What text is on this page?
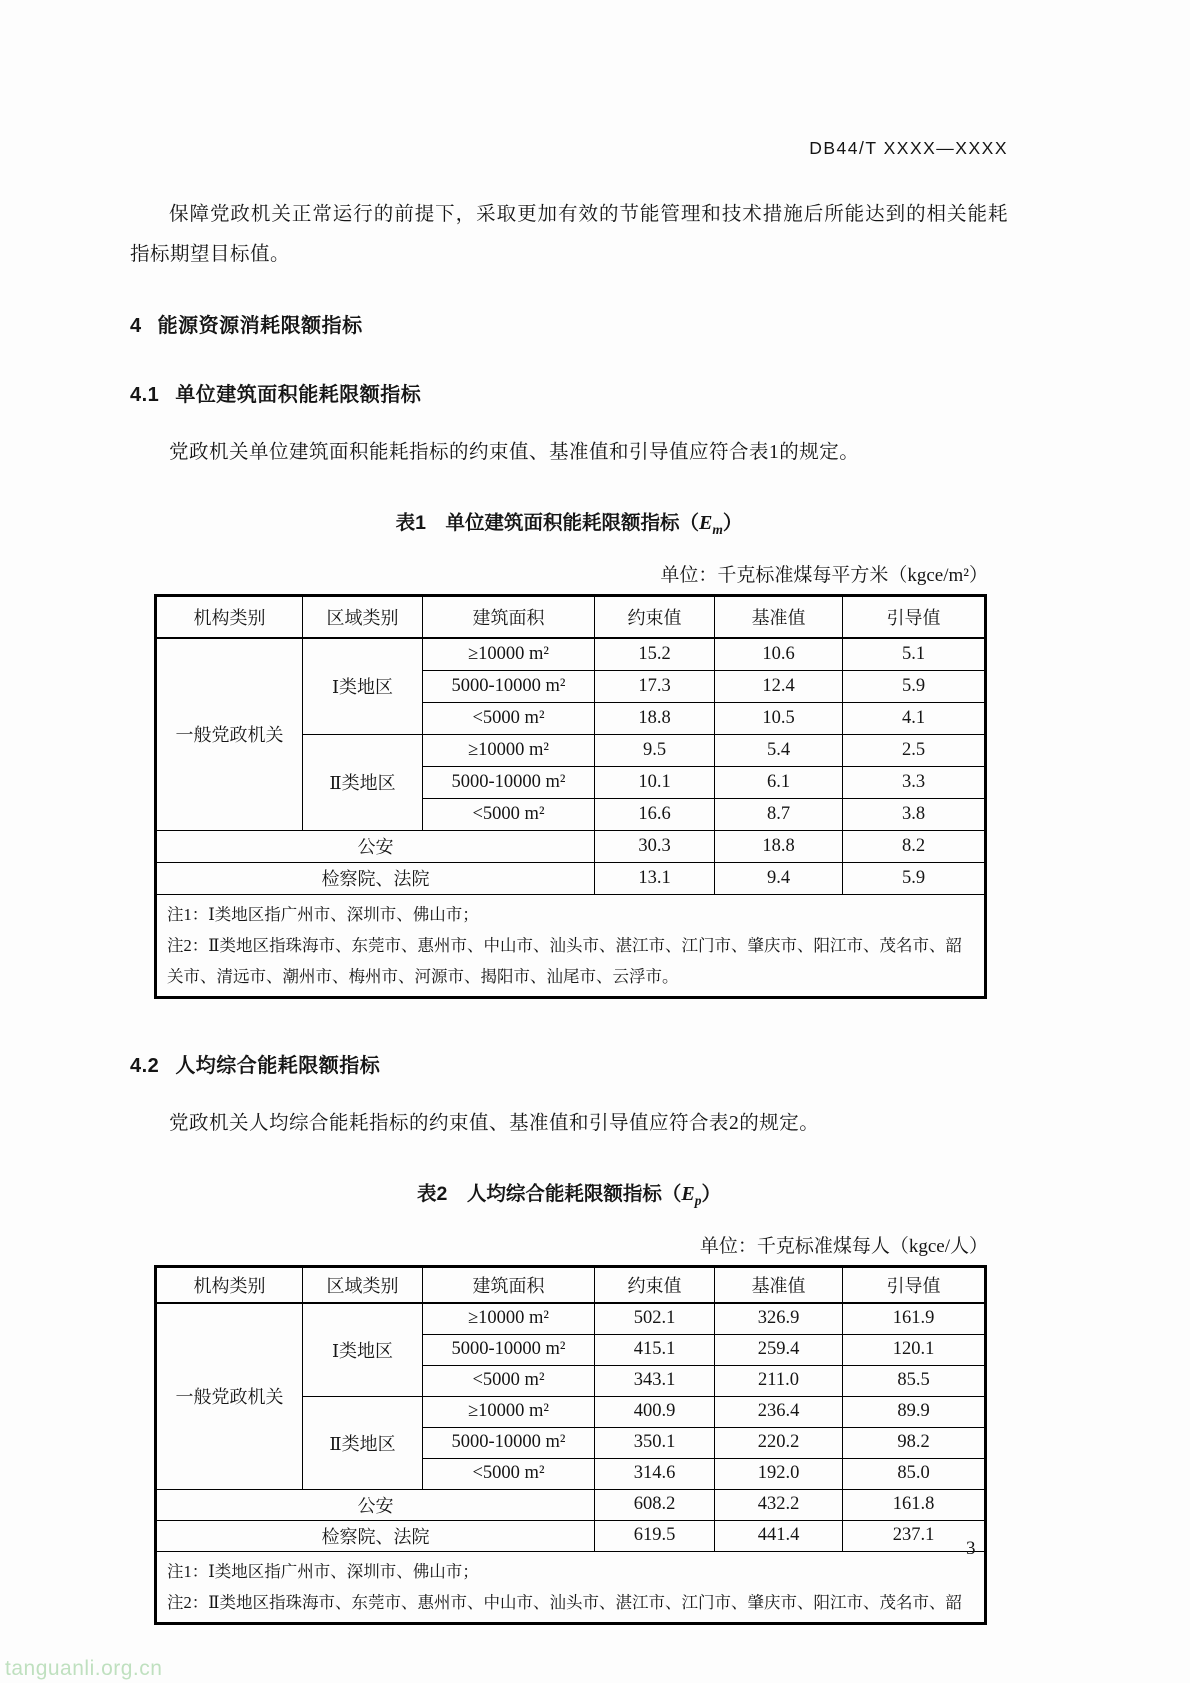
DB44/T XXXX—XXXX

保障党政机关正常运行的前提下，采取更加有效的节能管理和技术措施后所能达到的相关能耗指标期望目标值。

4 能源资源消耗限额指标
4.1 单位建筑面积能耗限额指标

党政机关单位建筑面积能耗指标的约束值、基准值和引导值应符合表1的规定。

表1　单位建筑面积能耗限额指标$(E_m)$
单位：千克标准煤每平方米（kgce/m²）
机构类别	区域类别	建筑面积	约束值	基准值	引导值
一般党政机关	Ⅰ类地区	≥10000 m²	15.2	10.6	5.1
		5000-10000 m²	17.3	12.4	5.9
		<5000 m²	18.8	10.5	4.1
	Ⅱ类地区	≥10000 m²	9.5	5.4	2.5
		5000-10000 m²	10.1	6.1	3.3
		<5000 m²	16.6	8.7	3.8
公安			30.3	18.8	8.2
检察院、法院			13.1	9.4	5.9

注1：Ⅰ类地区指广州市、深圳市、佛山市；
注2：Ⅱ类地区指珠海市、东莞市、惠州市、中山市、汕头市、湛江市、江门市、肇庆市、阳江市、茂名市、韶关市、清远市、潮州市、梅州市、河源市、揭阳市、汕尾市、云浮市。					
4.2 人均综合能耗限额指标

党政机关人均综合能耗指标的约束值、基准值和引导值应符合表2的规定。

表2　人均综合能耗限额指标$(E_p)$
单位：千克标准煤每人（kgce/人）
机构类别	区域类别	建筑面积	约束值	基准值	引导值
一般党政机关	Ⅰ类地区	≥10000 m²	502.1	326.9	161.9
		5000-10000 m²	415.1	259.4	120.1
		<5000 m²	343.1	211.0	85.5
	Ⅱ类地区	≥10000 m²	400.9	236.4	89.9
		5000-10000 m²	350.1	220.2	98.2
		<5000 m²	314.6	192.0	85.0
公安			608.2	432.2	161.8
检察院、法院			619.5	441.4	237.1

注1：Ⅰ类地区指广州市、深圳市、佛山市；
注2：Ⅱ类地区指珠海市、东莞市、惠州市、中山市、汕头市、湛江市、江门市、肇庆市、阳江市、茂名市、韶					
3
tanguanli.org.cn
